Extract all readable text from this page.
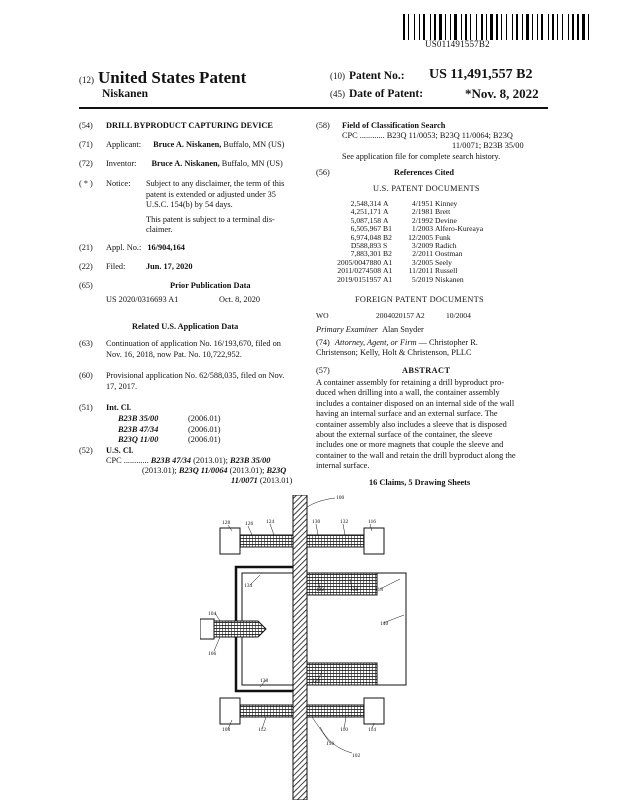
US011491557B2
(12) United States Patent
Niskanen
(10) Patent No.: US 11,491,557 B2
(45) Date of Patent:	*Nov. 8, 2022
(54) DRILL BYPRODUCT CAPTURING DEVICE
(71) Applicant: Bruce A. Niskanen, Buffalo, MN (US)
(72) Inventor: Bruce A. Niskanen, Buffalo, MN (US)
( * ) Notice: Subject to any disclaimer, the term of this
patent is extended or adjusted under 35
U.S.C. 154(b) by 54 days.
This patent is subject to a terminal dis-
claimer.
(21) Appl. No.: 16/904,164
(22) Filed: Jun. 17, 2020
(65)	Prior Publication Data
US 2020/0316693 A1	Oct. 8, 2020
Related U.S. Application Data
(63) Continuation of application No. 16/193,670, filed on
Nov. 16, 2018, now Pat. No. 10,722,952.
(60) Provisional application No. 62/588,035, filed on Nov.
17, 2017.
(51) Int. Cl.
B23B 35/00	(2006.01)
B23B 47/34	(2006.01)
B23Q 11/00	(2006.01)
(52) U.S. Cl.
CPC ............ B23B 47/34 (2013.01); B23B 35/00
(2013.01); B23Q 11/0064 (2013.01); B23Q
11/0071 (2013.01)
(58) Field of Classification Search
CPC ............ B23Q 11/0053; B23Q 11/0064; B23Q
11/0071; B23B 35/00
See application file for complete search history.
(56)	References Cited
U.S. PATENT DOCUMENTS
2,548,314	A	4/1951	Kinney
4,251,171	A	2/1981	Brett
5,087,158	A	2/1992	Devine
6,505,967	B1	1/2003	Alfero-Kureaya
6,974,048	B2	12/2005	Funk
D588,893	S	3/2009	Radich
7,883,301	B2	2/2011	Oostman
2005/0047880	A1	3/2005	Seely
2011/0274508	A1	11/2011	Russell
2019/0151957	A1	5/2019	Niskanen
FOREIGN PATENT DOCUMENTS
WO	2004020157 A2	10/2004
Primary Examiner Alan Snyder
(74) Attorney, Agent, or Firm — Christopher R.
Christenson; Kelly, Holt & Christenson, PLLC
(57)	ABSTRACT
A container assembly for retaining a drill byproduct pro-
duced when drilling into a wall, the container assembly
includes a container disposed on an internal side of the wall
having an internal surface and an external surface. The
container assembly also includes a sleeve that is disposed
about the external surface of the container, the sleeve
includes one or more magnets that couple the sleeve and
container to the wall and retain the drill byproduct along the
internal surface.
16 Claims, 5 Drawing Sheets
100
128	126 124	130	132	116
134
122	136	118
140
104
106
138	120
108	112	110	114
136
102
